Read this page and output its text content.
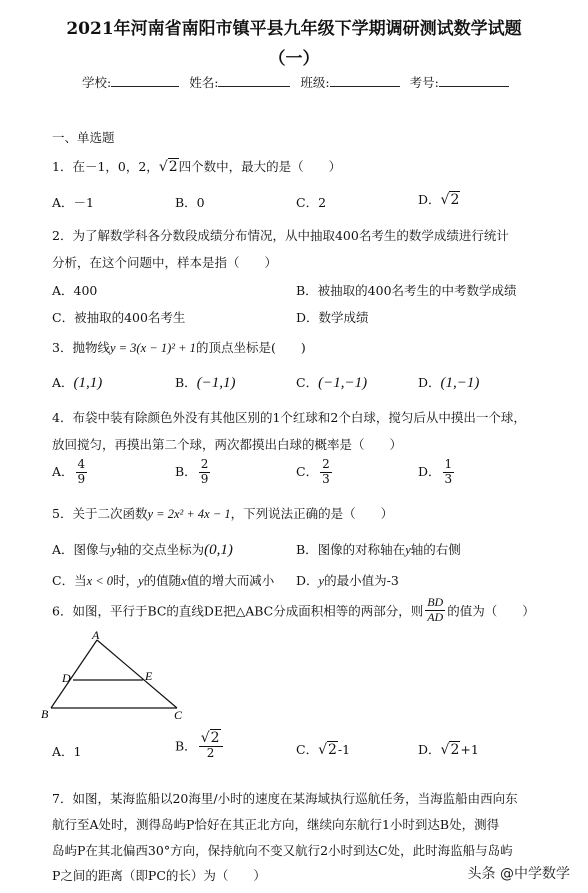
2021年河南省南阳市镇平县九年级下学期调研测试数学试题
（一）
学校:	姓名:	班级:	考号:
一、单选题
1．在－1，0，2，√2四个数中，最大的是（　　）
A．－1	B．0	C．2	D．√2
2．为了解数学科各分数段成绩分布情况，从中抽取400名考生的数学成绩进行统计
分析，在这个问题中，样本是指（　　）
A．400	B．被抽取的400名考生的中考数学成绩
C．被抽取的400名考生	D．数学成绩
3．抛物线y = 3(x − 1)² + 1的顶点坐标是(　　)
A．(1,1)	B．(−1,1)	C．(−1,−1)	D．(1,−1)
4．布袋中装有除颜色外没有其他区别的1个红球和2个白球，搅匀后从中摸出一个球，
放回搅匀，再摸出第二个球，两次都摸出白球的概率是（　　）
A． $\frac{4}{9}$	B． $\frac{2}{9}$	C． $\frac{2}{3}$	D． $\frac{1}{3}$
5．关于二次函数y = 2x² + 4x − 1，下列说法正确的是（　　）
A．图像与y轴的交点坐标为(0,1)	B．图像的对称轴在y轴的右侧
C．当x < 0时，y的值随x值的增大而减小 D．y的最小值为-3
6．如图，平行于BC的直线DE把△ABC分成面积相等的两部分，则 $\frac{BD}{AD}$ 的值为（　　）
A
B	C
D	E
A．1	B． $\frac{√2}{2}$	C．√2-1	D．√2+1
7．如图，某海监船以20海里/小时的速度在某海域执行巡航任务，当海监船由西向东
航行至A处时，测得岛屿P恰好在其正北方向，继续向东航行1小时到达B处，测得
岛屿P在其北偏西30°方向，保持航向不变又航行2小时到达C处，此时海监船与岛屿
P之间的距离（即PC的长）为（　　）	头条 @中学数学
